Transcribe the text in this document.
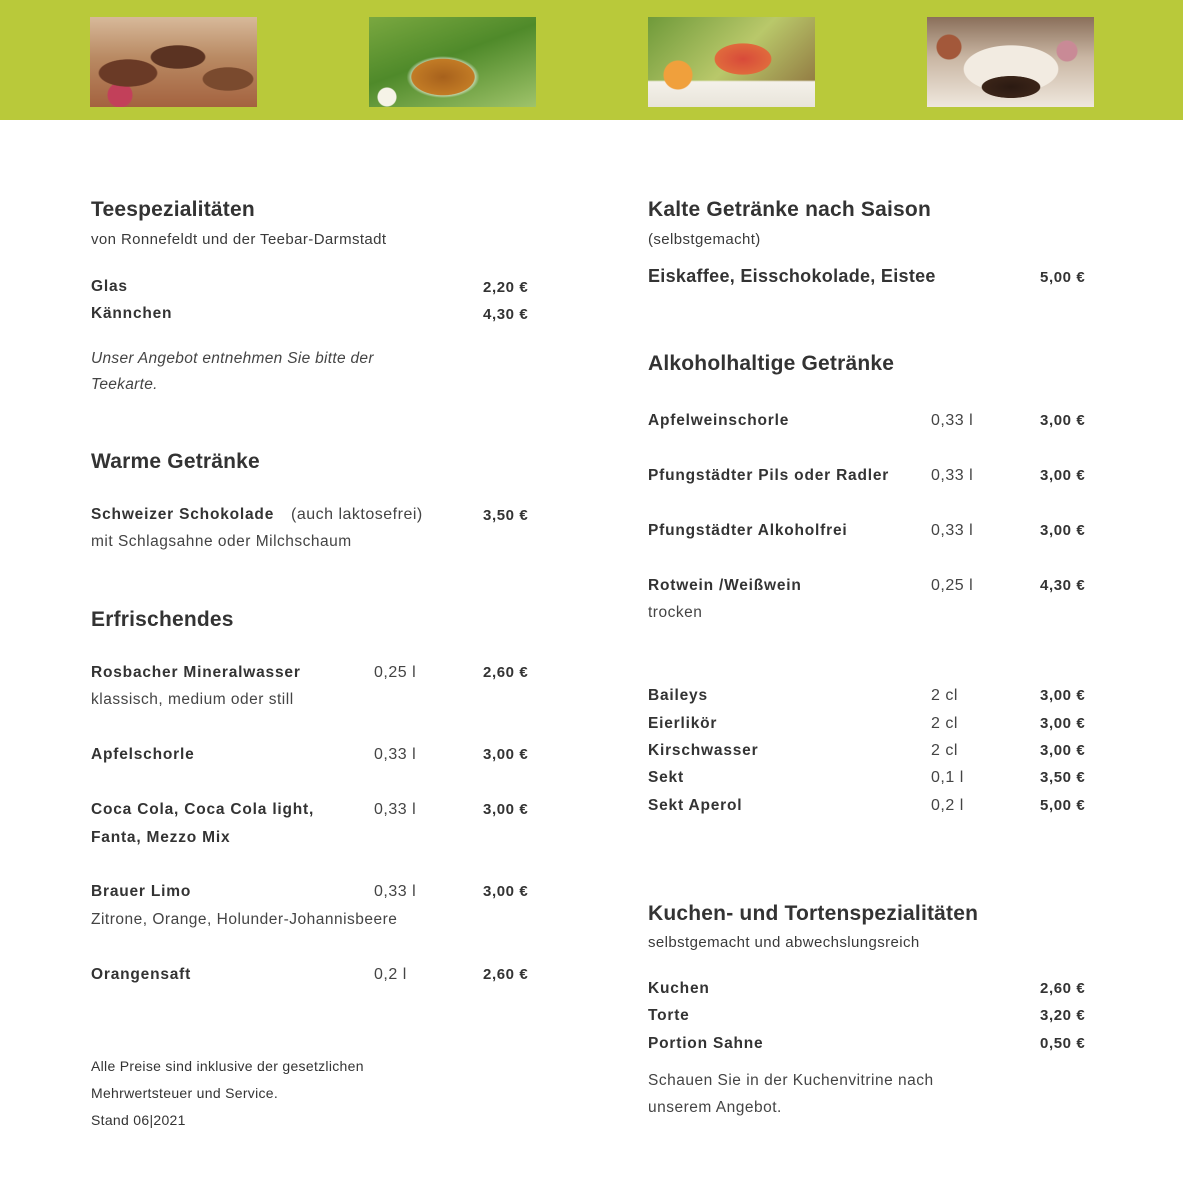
Teespezialitäten
von Ronnefeldt und der Teebar-Darmstadt
Glas	2,20 €
Kännchen	4,30 €
Unser Angebot entnehmen Sie bitte der
Teekarte.
Warme Getränke
Schweizer Schokolade (auch laktosefrei)	3,50 €
mit Schlagsahne oder Milchschaum
Erfrischendes
Rosbacher Mineralwasser	0,25 l	2,60 €
klassisch, medium oder still
Apfelschorle	0,33 l	3,00 €
Coca Cola, Coca Cola light,	0,33 l	3,00 €
Fanta, Mezzo Mix
Brauer Limo	0,33 l	3,00 €
Zitrone, Orange, Holunder-Johannisbeere
Orangensaft	0,2 l	2,60 €
Alle Preise sind inklusive der gesetzlichen
Mehrwertsteuer und Service.
Stand 06|2021
Kalte Getränke nach Saison
(selbstgemacht)
Eiskaffee, Eisschokolade, Eistee	5,00 €
Alkoholhaltige Getränke
Apfelweinschorle	0,33 l	3,00 €
Pfungstädter Pils oder Radler	0,33 l	3,00 €
Pfungstädter Alkoholfrei	0,33 l	3,00 €
Rotwein /Weißwein	0,25 l	4,30 €
trocken
Baileys	2 cl	3,00 €
Eierlikör	2 cl	3,00 €
Kirschwasser	2 cl	3,00 €
Sekt	0,1 l	3,50 €
Sekt Aperol	0,2 l	5,00 €
Kuchen- und Tortenspezialitäten
selbstgemacht und abwechslungsreich
Kuchen	2,60 €
Torte	3,20 €
Portion Sahne	0,50 €
Schauen Sie in der Kuchenvitrine nach
unserem Angebot.
